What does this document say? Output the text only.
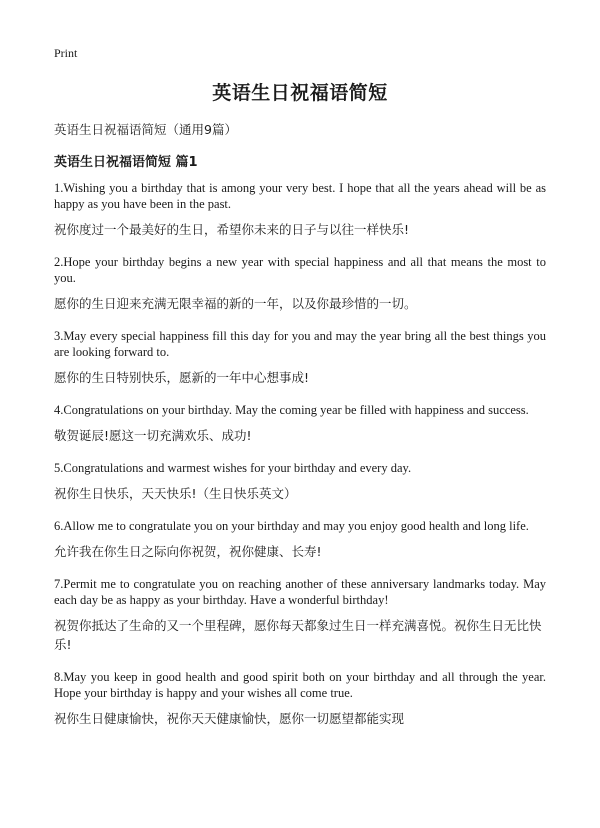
Print
英语生日祝福语简短
英语生日祝福语简短（通用9篇）
英语生日祝福语简短 篇1

1.Wishing you a birthday that is among your very best. I hope that all the years ahead will be as happy as you have been in the past.

祝你度过一个最美好的生日，希望你未来的日子与以往一样快乐!

2.Hope your birthday begins a new year with special happiness and all that means the most to you.

愿你的生日迎来充满无限幸福的新的一年，以及你最珍惜的一切。

3.May every special happiness fill this day for you and may the year bring all the best things you are looking forward to.

愿你的生日特别快乐，愿新的一年中心想事成!

4.Congratulations on your birthday. May the coming year be filled with happiness and success.

敬贺诞辰!愿这一切充满欢乐、成功!

5.Congratulations and warmest wishes for your birthday and every day.

祝你生日快乐，天天快乐!（生日快乐英文）

6.Allow me to congratulate you on your birthday and may you enjoy good health and long life.

允许我在你生日之际向你祝贺，祝你健康、长寿!

7.Permit me to congratulate you on reaching another of these anniversary landmarks today. May each day be as happy as your birthday. Have a wonderful birthday!

祝贺你抵达了生命的又一个里程碑，愿你每天都象过生日一样充满喜悦。祝你生日无比快乐!

8.May you keep in good health and good spirit both on your birthday and all through the year. Hope your birthday is happy and your wishes all come true.

祝你生日健康愉快，祝你天天健康愉快，愿你一切愿望都能实现
